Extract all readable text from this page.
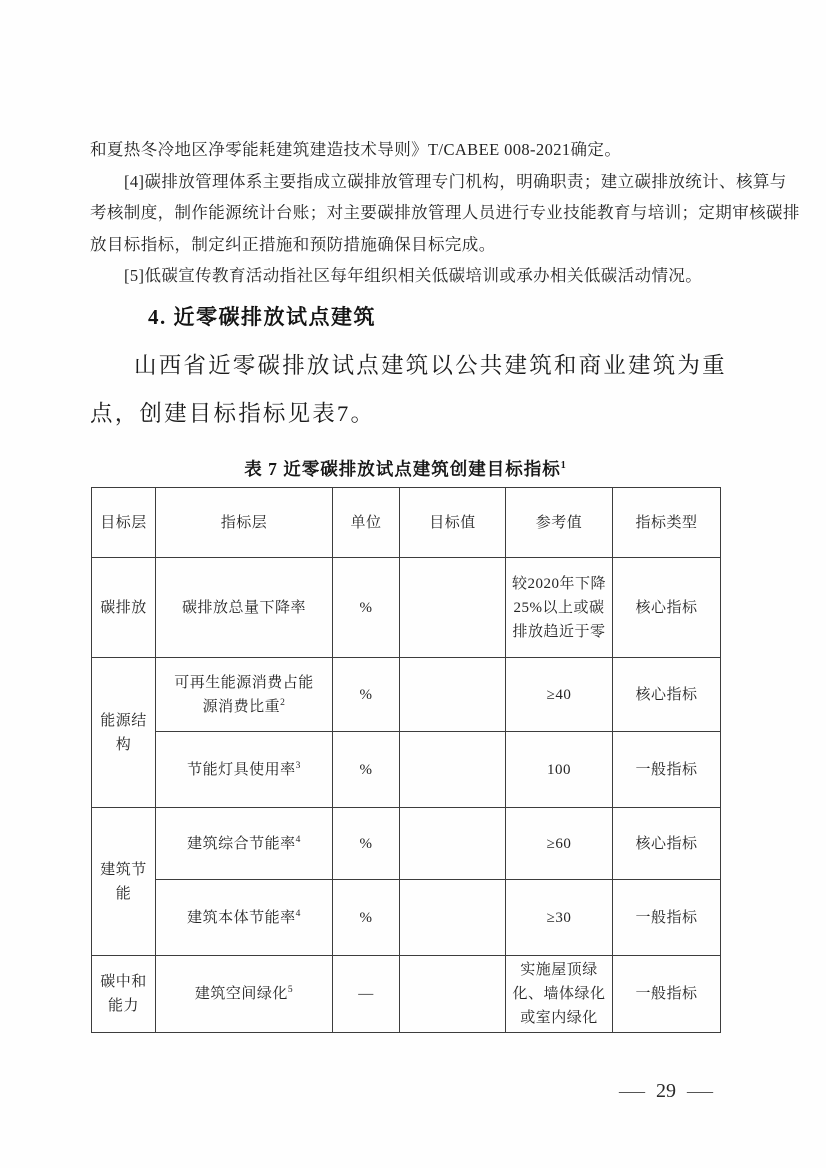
和夏热冬冷地区净零能耗建筑建造技术导则》T/CABEE 008-2021确定。
[4]碳排放管理体系主要指成立碳排放管理专门机构，明确职责；建立碳排放统计、核算与
考核制度，制作能源统计台账；对主要碳排放管理人员进行专业技能教育与培训；定期审核碳排
放目标指标，制定纠正措施和预防措施确保目标完成。
[5]低碳宣传教育活动指社区每年组织相关低碳培训或承办相关低碳活动情况。
4. 近零碳排放试点建筑
山西省近零碳排放试点建筑以公共建筑和商业建筑为重
点，创建目标指标见表7。
表 7 近零碳排放试点建筑创建目标指标$^1$
目标层	指标层	单位	目标值	参考值	指标类型
碳排放	碳排放总量下降率	%		较2020年下降25%以上或碳排放趋近于零	核心指标
能源结构	可再生能源消费占能源消费比重$^2$	%		≥40	核心指标
	节能灯具使用率$^3$	%		100	一般指标
建筑节能	建筑综合节能率$^4$	%		≥60	核心指标
	建筑本体节能率$^4$	%		≥30	一般指标
碳中和能力	建筑空间绿化$^5$	—		实施屋顶绿化、墙体绿化或室内绿化	一般指标
— 29 —
